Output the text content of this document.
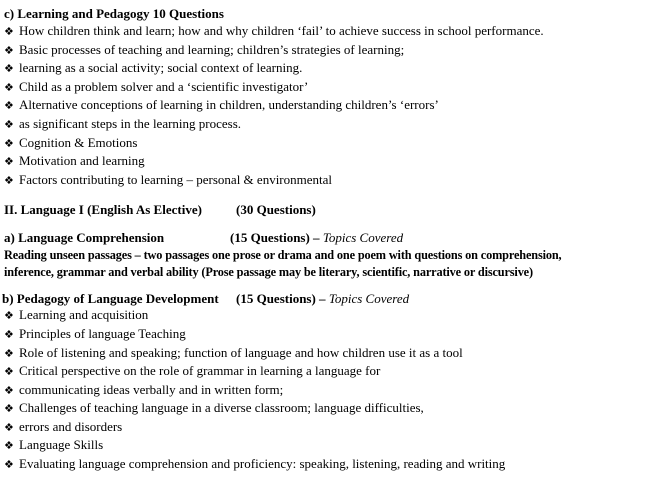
c) Learning and Pedagogy 10 Questions
❖ How children think and learn; how and why children ‘fail’ to achieve success in school performance.
❖ Basic processes of teaching and learning; children’s strategies of learning;
❖ learning as a social activity; social context of learning.
❖ Child as a problem solver and a ‘scientific investigator’
❖ Alternative conceptions of learning in children, understanding children’s ‘errors’
❖ as significant steps in the learning process.
❖ Cognition & Emotions
❖ Motivation and learning
❖ Factors contributing to learning – personal & environmental
II. Language I (English As Elective)	(30 Questions)
a) Language Comprehension	(15 Questions) – Topics Covered
Reading unseen passages – two passages one prose or drama and one poem with questions on comprehension,
inference, grammar and verbal ability (Prose passage may be literary, scientific, narrative or discursive)
b) Pedagogy of Language Development (15 Questions) – Topics Covered
❖ Learning and acquisition
❖ Principles of language Teaching
❖ Role of listening and speaking; function of language and how children use it as a tool
❖ Critical perspective on the role of grammar in learning a language for
❖ communicating ideas verbally and in written form;
❖ Challenges of teaching language in a diverse classroom; language difficulties,
❖ errors and disorders
❖ Language Skills
❖ Evaluating language comprehension and proficiency: speaking, listening, reading and writing
